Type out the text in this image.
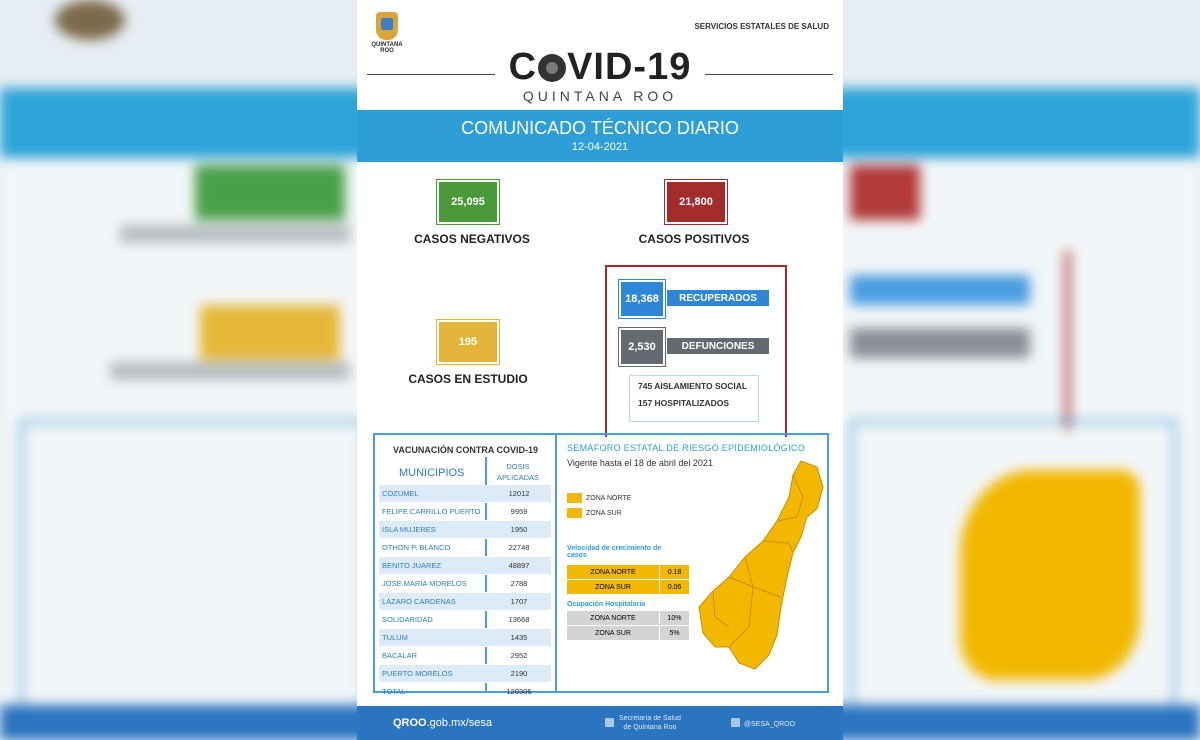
QUINTANA ROO
SERVICIOS ESTATALES DE SALUD
C VID-19
QUINTANA ROO
COMUNICADO TÉCNICO DIARIO
12-04-2021
25,095
CASOS NEGATIVOS
21,800
CASOS POSITIVOS
195
CASOS EN ESTUDIO
18,368	RECUPERADOS
2,530	DEFUNCIONES
745 AISLAMIENTO SOCIAL
157 HOSPITALIZADOS
VACUNACIÓN CONTRA COVID-19
MUNICIPIOS
DOSIS APLICADAS
COZUMEL	12012
FELIPE CARRILLO PUERTO	9959
ISLA MUJERES	1950
OTHON P. BLANCO	22748
BENITO JUAREZ	48897
JOSE MARIA MORELOS	2788
LAZARO CARDENAS	1707
SOLIDARIDAD	13668
TULUM	1435
BACALAR	2952
PUERTO MORELOS	2190
TOTAL	120306
SEMÁFORO ESTATAL DE RIESGO EPIDEMIOLÓGICO
Vigente hasta el 18 de abril del 2021
ZONA NORTE
ZONA SUR
Velocidad de crecimiento de casos
ZONA NORTE	0.18
ZONA SUR	0.06
Ocupación Hospitalaria
ZONA NORTE	10%
ZONA SUR	5%
QROO.gob.mx/sesa	Secretaría de Salud
de Quintana Roo	@SESA_QROO
